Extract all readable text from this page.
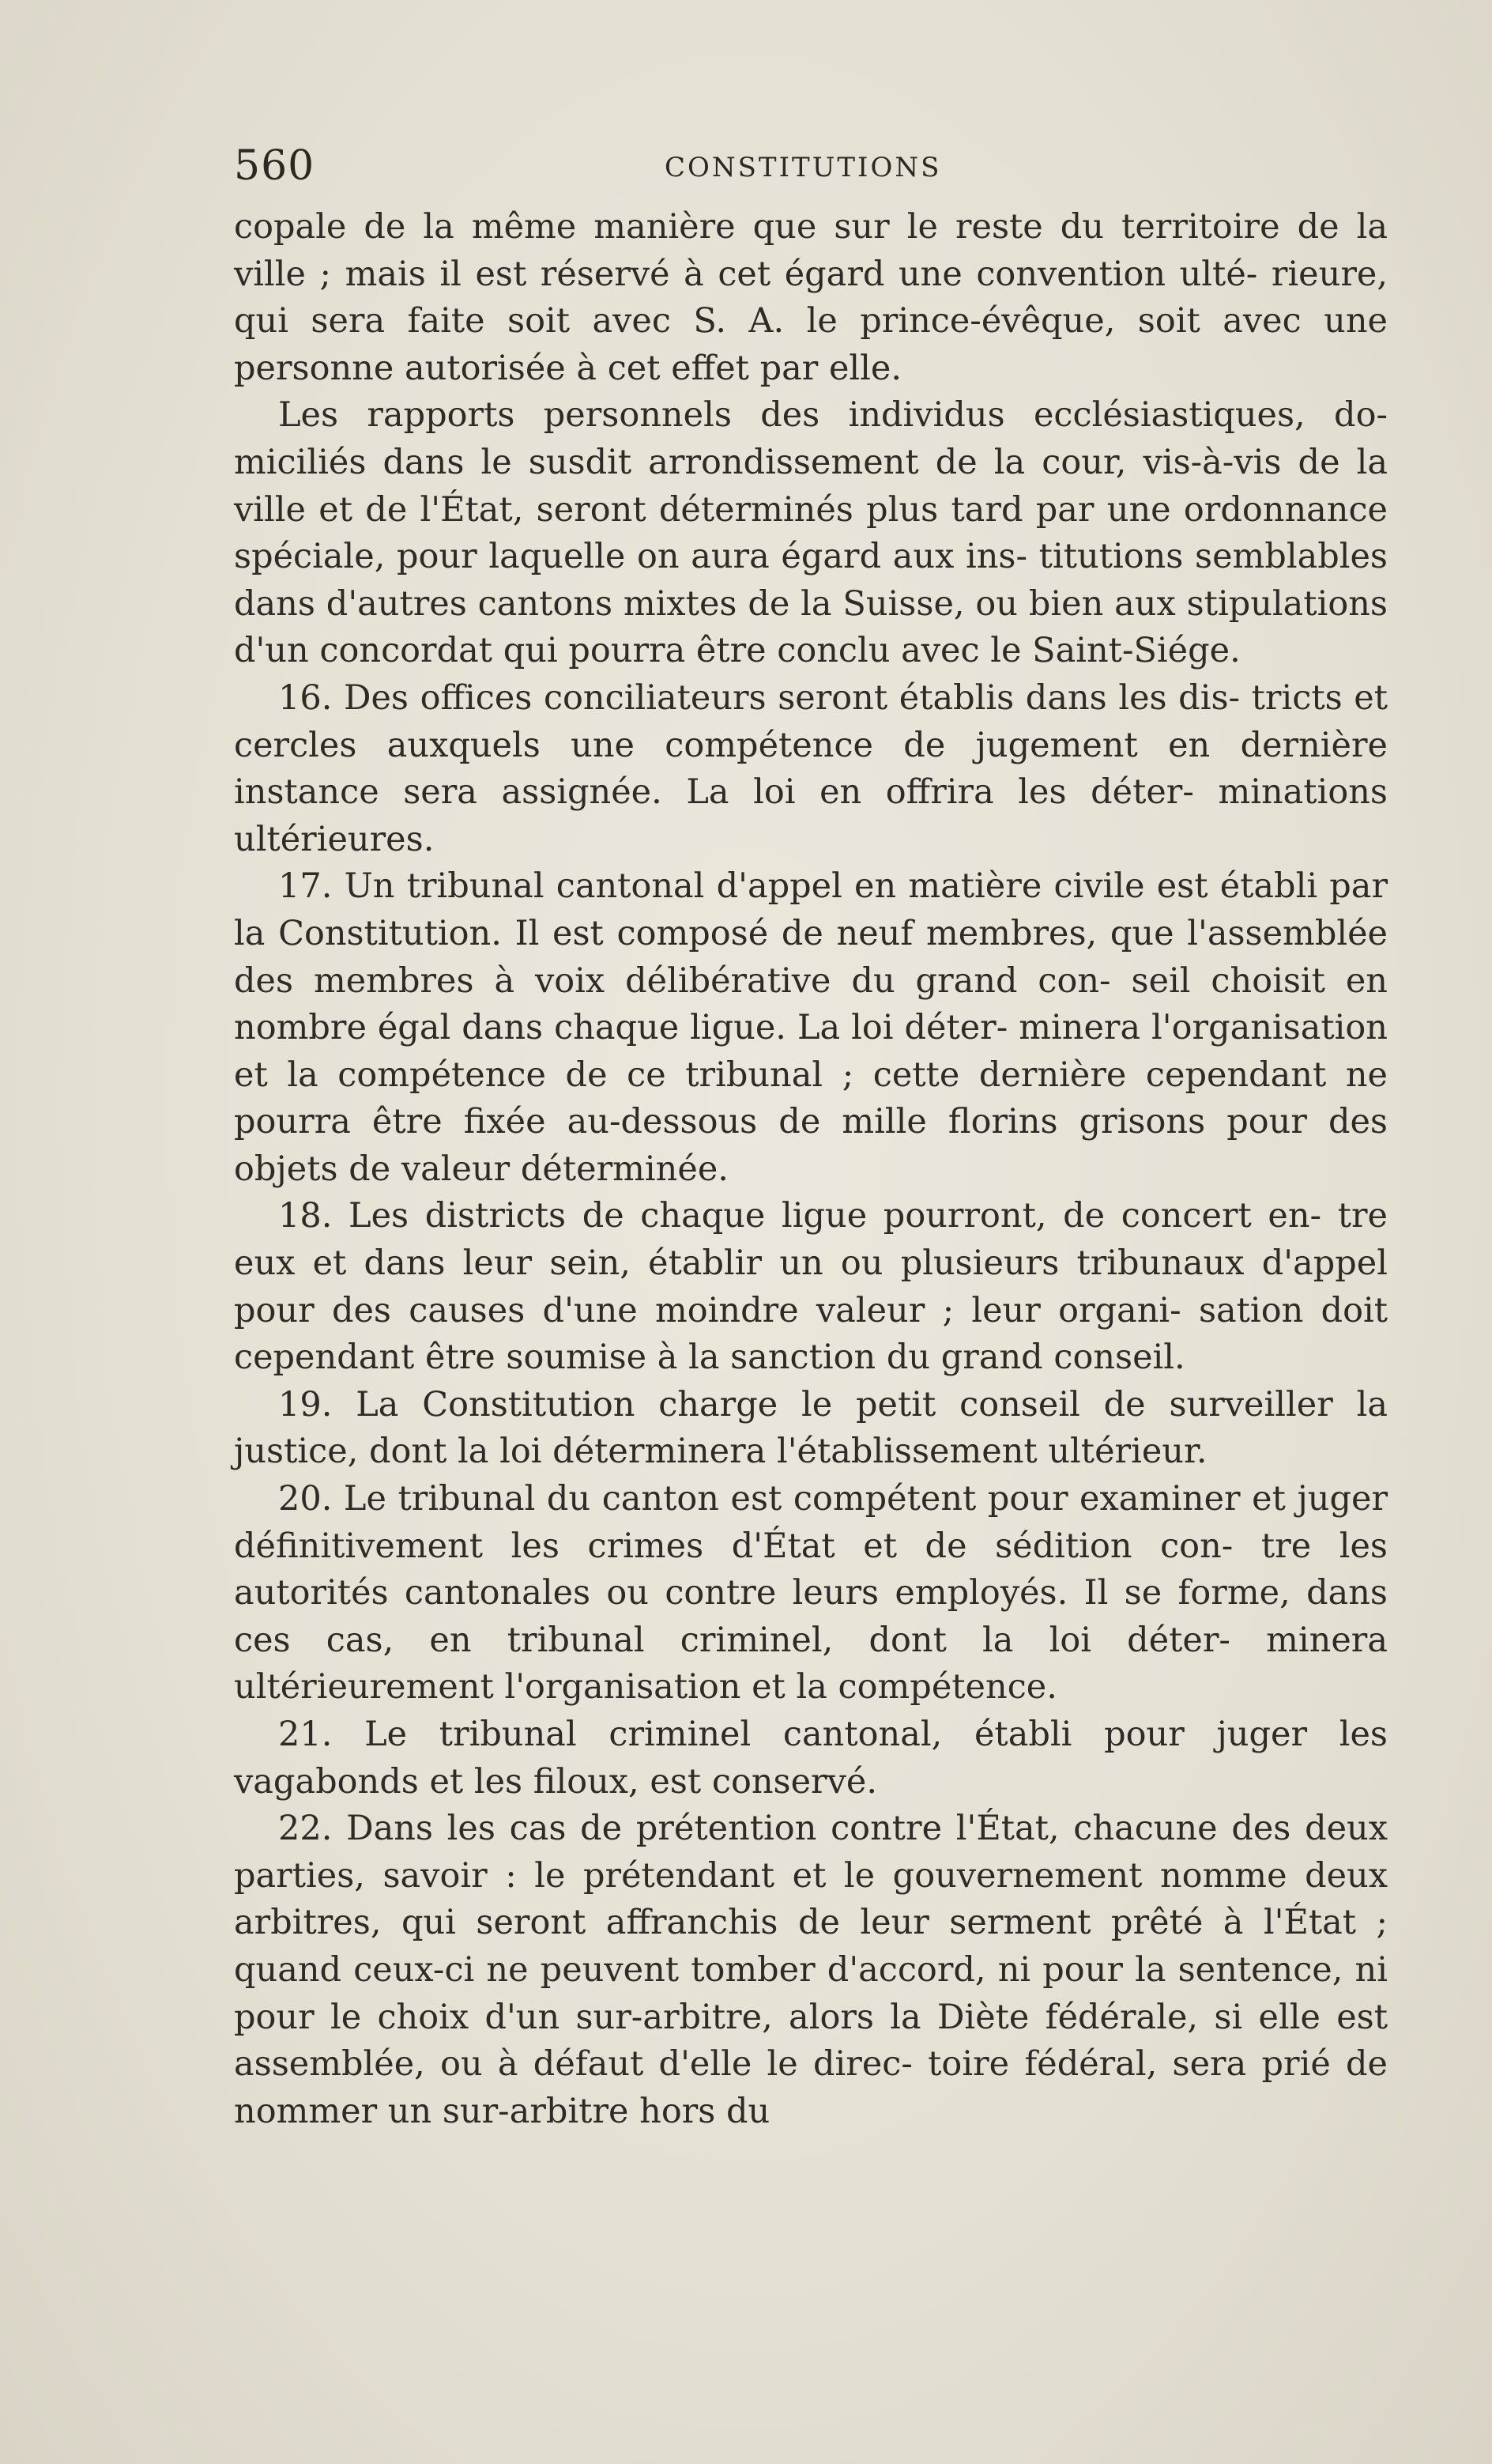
560	CONSTITUTIONS

copale de la même manière que sur le reste du territoire de la ville ; mais il est réservé à cet égard une convention ulté- rieure, qui sera faite soit avec S. A. le prince-évêque, soit avec une personne autorisée à cet effet par elle.

Les rapports personnels des individus ecclésiastiques, do- miciliés dans le susdit arrondissement de la cour, vis-à-vis de la ville et de l'État, seront déterminés plus tard par une ordonnance spéciale, pour laquelle on aura égard aux ins- titutions semblables dans d'autres cantons mixtes de la Suisse, ou bien aux stipulations d'un concordat qui pourra être conclu avec le Saint-Siége.

16. Des offices conciliateurs seront établis dans les dis- tricts et cercles auxquels une compétence de jugement en dernière instance sera assignée. La loi en offrira les déter- minations ultérieures.

17. Un tribunal cantonal d'appel en matière civile est établi par la Constitution. Il est composé de neuf membres, que l'assemblée des membres à voix délibérative du grand con- seil choisit en nombre égal dans chaque ligue. La loi déter- minera l'organisation et la compétence de ce tribunal ; cette dernière cependant ne pourra être fixée au-dessous de mille florins grisons pour des objets de valeur déterminée.

18. Les districts de chaque ligue pourront, de concert en- tre eux et dans leur sein, établir un ou plusieurs tribunaux d'appel pour des causes d'une moindre valeur ; leur organi- sation doit cependant être soumise à la sanction du grand conseil.

19. La Constitution charge le petit conseil de surveiller la justice, dont la loi déterminera l'établissement ultérieur.

20. Le tribunal du canton est compétent pour examiner et juger définitivement les crimes d'État et de sédition con- tre les autorités cantonales ou contre leurs employés. Il se forme, dans ces cas, en tribunal criminel, dont la loi déter- minera ultérieurement l'organisation et la compétence.

21. Le tribunal criminel cantonal, établi pour juger les vagabonds et les filoux, est conservé.

22. Dans les cas de prétention contre l'État, chacune des deux parties, savoir : le prétendant et le gouvernement nomme deux arbitres, qui seront affranchis de leur serment prêté à l'État ; quand ceux-ci ne peuvent tomber d'accord, ni pour la sentence, ni pour le choix d'un sur-arbitre, alors la Diète fédérale, si elle est assemblée, ou à défaut d'elle le direc- toire fédéral, sera prié de nommer un sur-arbitre hors du
